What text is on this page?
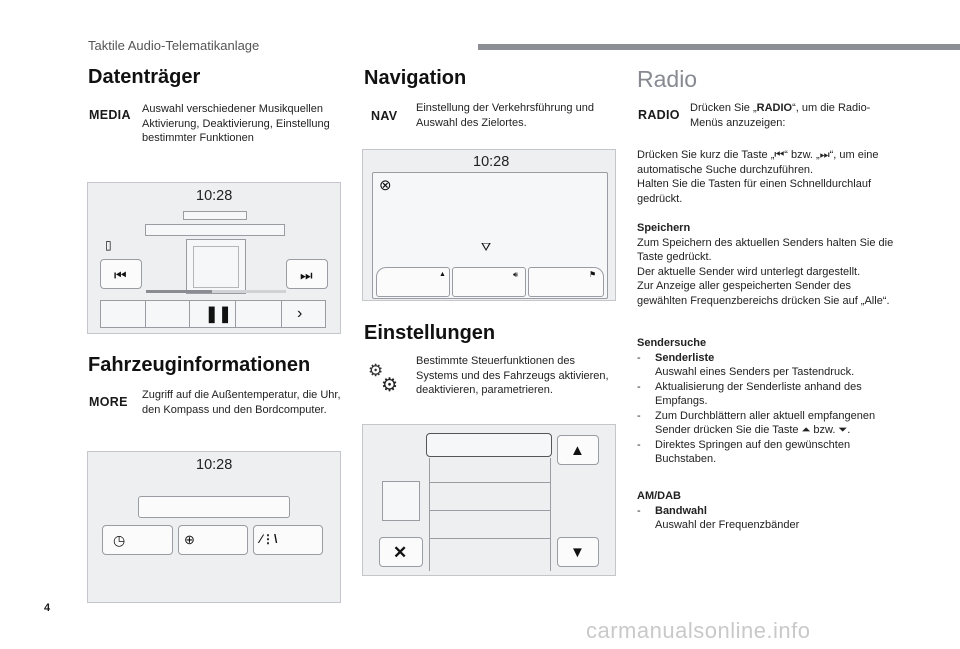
Taktile Audio-Telematikanlage
Datenträger
MEDIA Auswahl verschiedener Musikquellen Aktivierung, Deaktivierung, Einstellung bestimmter Funktionen
10:28
▯
⏮	⏭
❚❚	›
Fahrzeuginformationen
MORE Zugriff auf die Außentemperatur, die Uhr, den Kompass und den Bordcomputer.
10:28
◷	⊕	⁄⋮\
Navigation
NAV
Einstellung der Verkehrsführung und Auswahl des Zielortes.
10:28
⊗
⛛
▲	🔊︎	⚑
Einstellungen
⚙
⚙
Bestimmte Steuerfunktionen des Systems und des Fahrzeugs aktivieren, deaktivieren, parametrieren.
▲
▼
✕
Radio
RADIO Drücken Sie „RADIO“, um die Radio-Menüs anzuzeigen:
Drücken Sie kurz die Taste „⏮“ bzw. „⏭“, um eine automatische Suche durchzuführen.
Halten Sie die Tasten für einen Schnelldurchlauf gedrückt.
Speichern
Zum Speichern des aktuellen Senders halten Sie die Taste gedrückt.
Der aktuelle Sender wird unterlegt dargestellt.
Zur Anzeige aller gespeicherten Sender des gewählten Frequenzbereichs drücken Sie auf „Alle“.
Sendersuche
- Senderliste
Auswahl eines Senders per Tastendruck.
- Aktualisierung der Senderliste anhand des Empfangs.
- Zum Durchblättern aller aktuell empfangenen Sender drücken Sie die Taste ⏶ bzw. ⏷.
- Direktes Springen auf den gewünschten Buchstaben.
AM/DAB
- Bandwahl
Auswahl der Frequenzbänder
4
carmanualsonline.info
